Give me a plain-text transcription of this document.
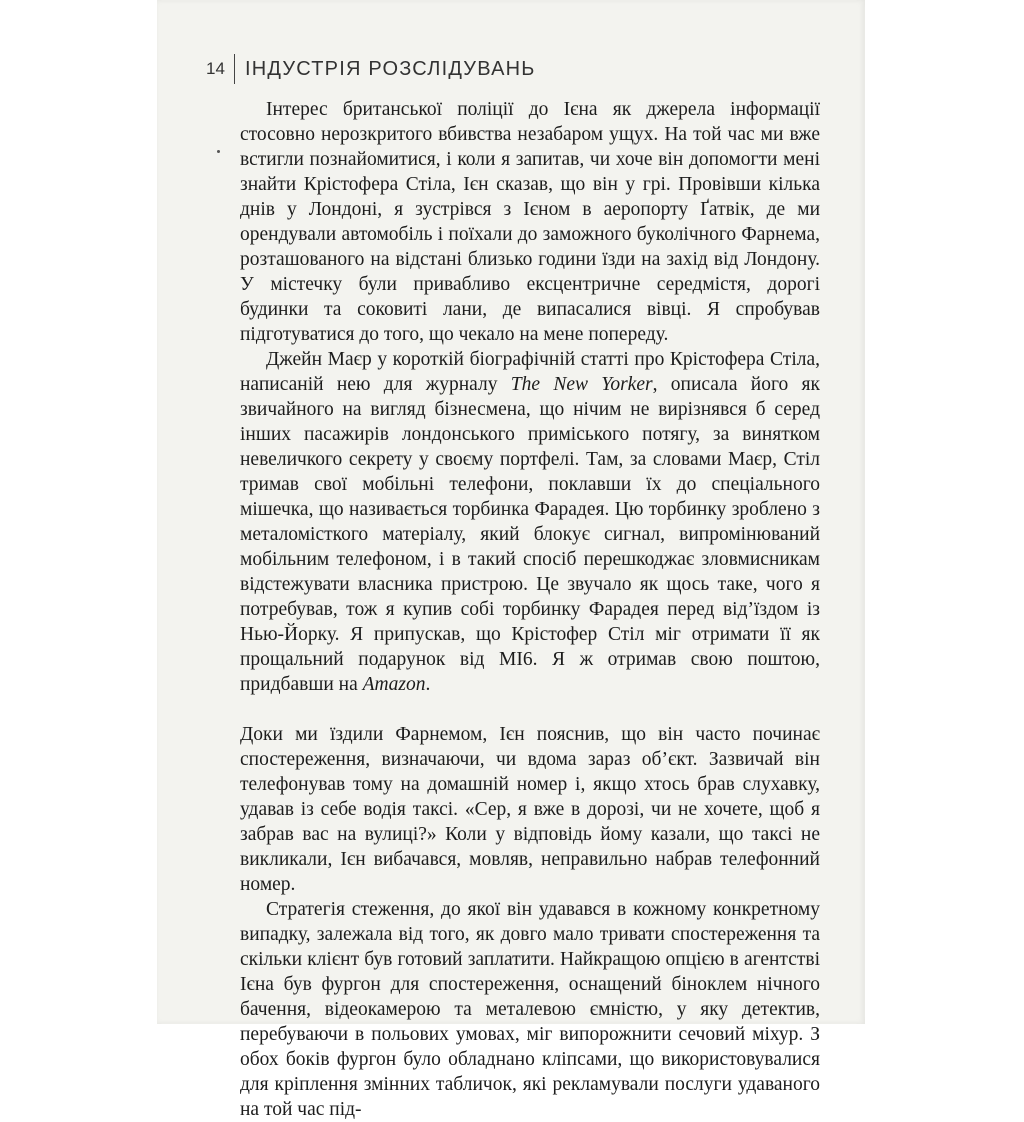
14	ІНДУСТРІЯ РОЗСЛІДУВАНЬ

Інтерес британської поліції до Ієна як джерела інформації стосовно нерозкритого вбивства незабаром ущух. На той час ми вже встигли познайомитися, і коли я запитав, чи хоче він допомогти мені знайти Крістофера Стіла, Ієн сказав, що він у грі. Провівши кілька днів у Лондоні, я зустрівся з Ієном в аеропорту Ґатвік, де ми орендували автомобіль і поїхали до заможного буколічного Фарнема, розташованого на відстані близько години їзди на захід від Лондону. У містечку були привабливо ексцентричне середмістя, дорогі будинки та соковиті лани, де випасалися вівці. Я спробував підготуватися до того, що чекало на мене попереду.

Джейн Маєр у короткій біографічній статті про Крістофера Стіла, написаній нею для журналу The New Yorker, описала його як звичайного на вигляд бізнесмена, що нічим не вирізнявся б серед інших пасажирів лондонського приміського потягу, за винятком невеличкого секрету у своєму портфелі. Там, за словами Маєр, Стіл тримав свої мобільні телефони, поклавши їх до спеціального мішечка, що називається торбинка Фарадея. Цю торбинку зроблено з металомісткого матеріалу, який блокує сигнал, випромінюваний мобільним телефоном, і в такий спосіб перешкоджає зловмисникам відстежувати власника пристрою. Це звучало як щось таке, чого я потребував, тож я купив собі торбинку Фарадея перед від’їздом із Нью-Йорку. Я припускав, що Крістофер Стіл міг отримати її як прощальний подарунок від МІ6. Я ж отримав свою поштою, придбавши на Amazon.

Доки ми їздили Фарнемом, Ієн пояснив, що він часто починає спостереження, визначаючи, чи вдома зараз об’єкт. Зазвичай він телефонував тому на домашній номер і, якщо хтось брав слухавку, удавав із себе водія таксі. «Сер, я вже в дорозі, чи не хочете, щоб я забрав вас на вулиці?» Коли у відповідь йому казали, що таксі не викликали, Ієн вибачався, мовляв, неправильно набрав телефонний номер.

Стратегія стеження, до якої він удавався в кожному конкретному випадку, залежала від того, як довго мало тривати спостереження та скільки клієнт був готовий заплатити. Найкращою опцією в агентстві Ієна був фургон для спостереження, оснащений біноклем нічного бачення, відеокамерою та металевою ємністю, у яку детектив, перебуваючи в польових умовах, міг випорожнити сечовий міхур. З обох боків фургон було обладнано кліпсами, що використовувалися для кріплення змінних табличок, які рекламували послуги удаваного на той час під-
